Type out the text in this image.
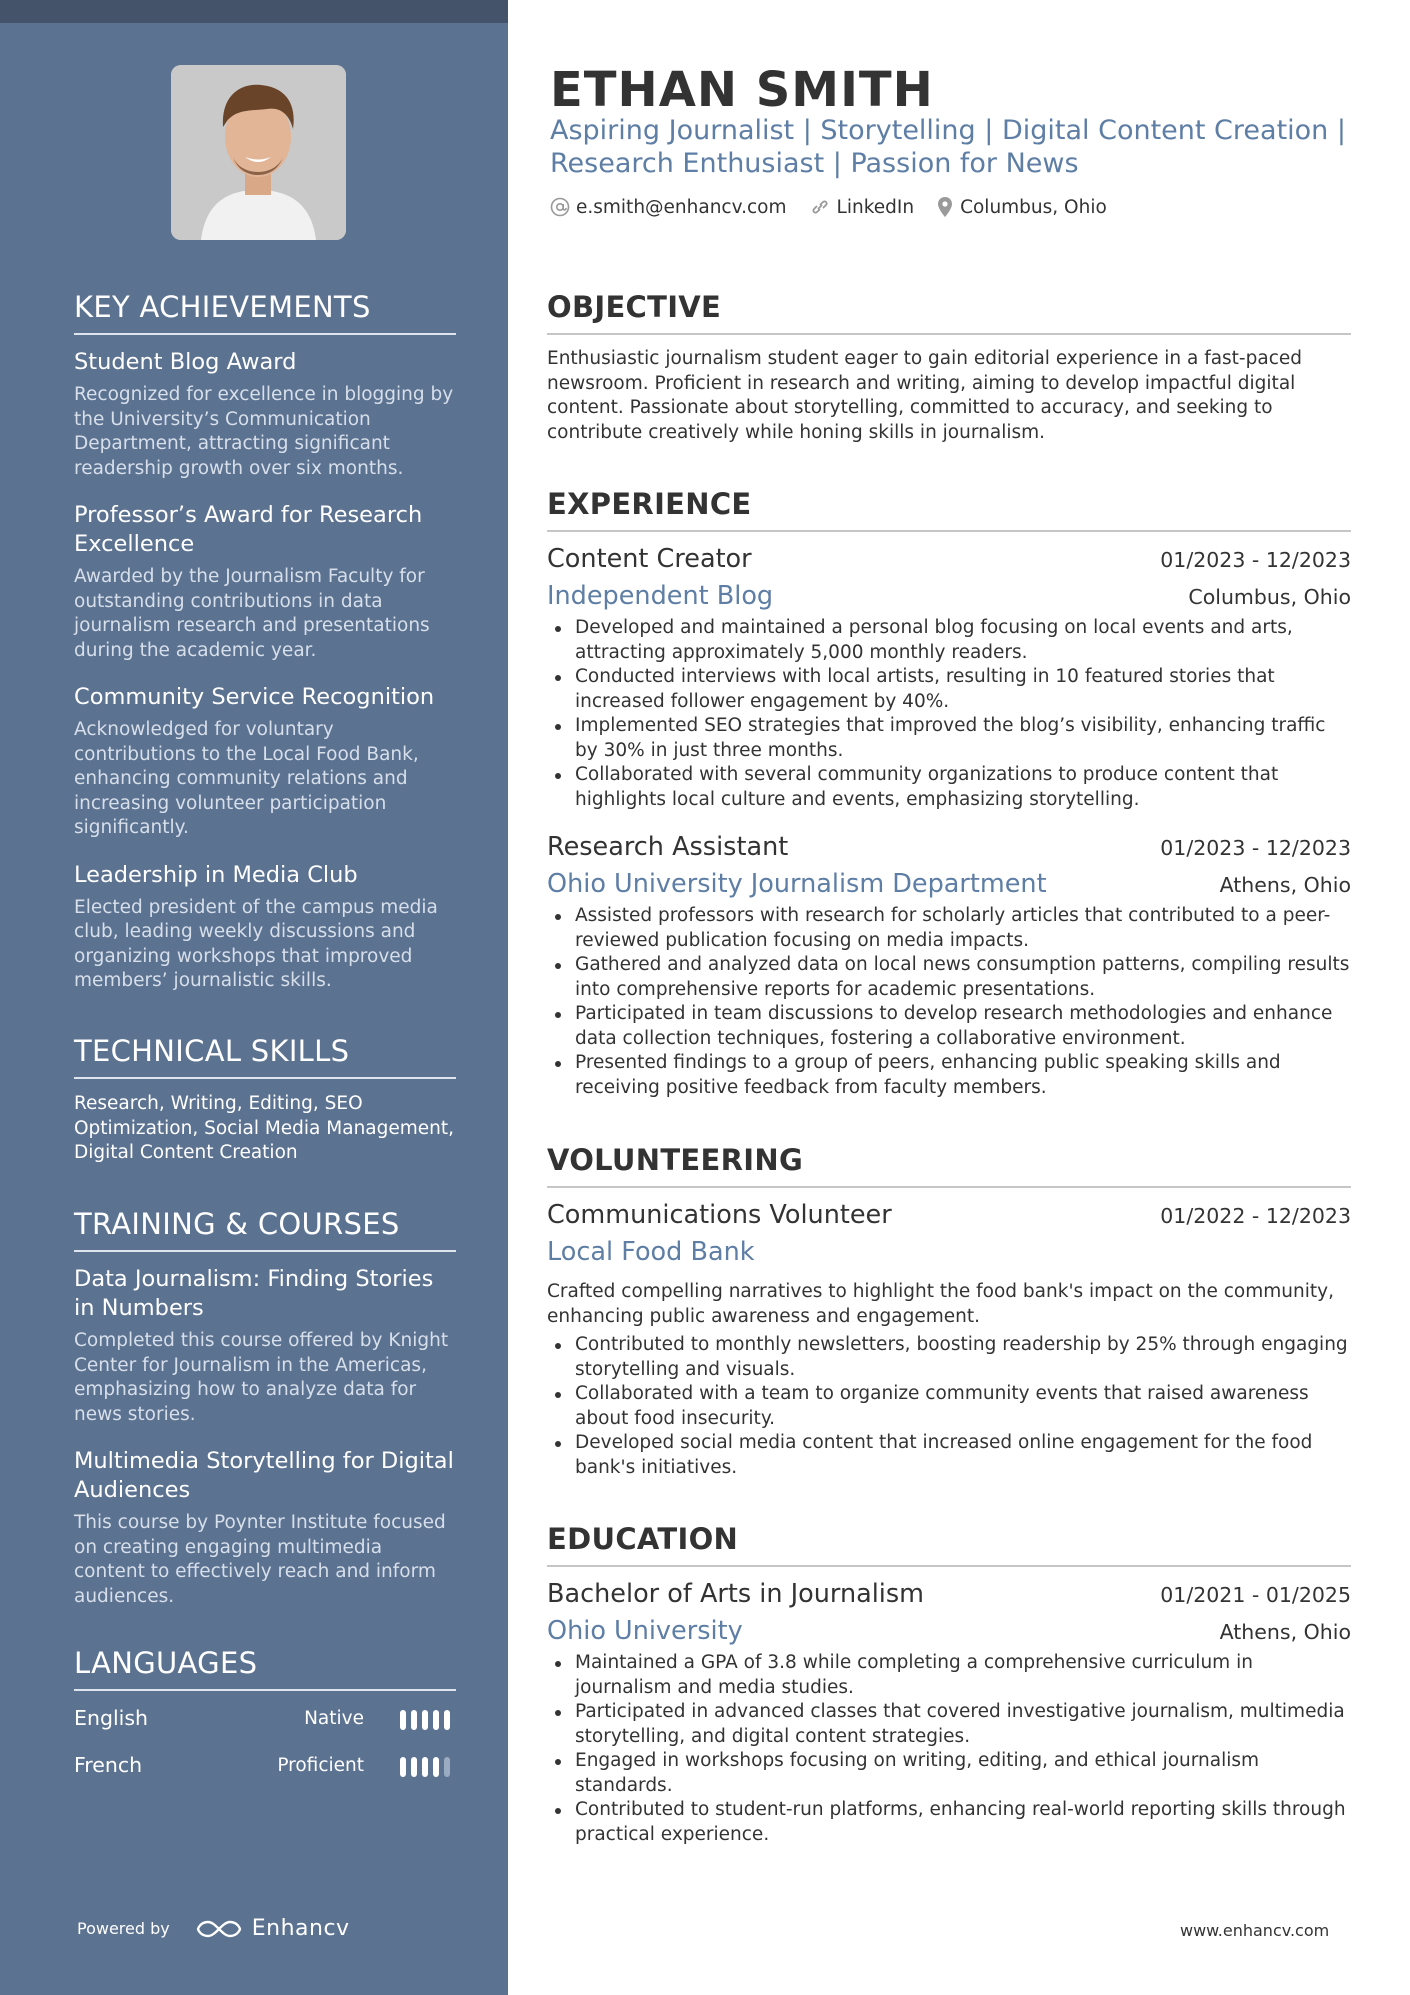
KEY ACHIEVEMENTS
Student Blog Award
Recognized for excellence in blogging by the University’s Communication Department, attracting significant readership growth over six months.
Professor’s Award for Research Excellence
Awarded by the Journalism Faculty for outstanding contributions in data journalism research and presentations during the academic year.
Community Service Recognition
Acknowledged for voluntary contributions to the Local Food Bank, enhancing community relations and increasing volunteer participation significantly.
Leadership in Media Club
Elected president of the campus media club, leading weekly discussions and organizing workshops that improved members’ journalistic skills.
TECHNICAL SKILLS
Research, Writing, Editing, SEO Optimization, Social Media Management, Digital Content Creation
TRAINING & COURSES
Data Journalism: Finding Stories in Numbers
Completed this course offered by Knight Center for Journalism in the Americas, emphasizing how to analyze data for news stories.
Multimedia Storytelling for Digital Audiences
This course by Poynter Institute focused on creating engaging multimedia content to effectively reach and inform audiences.
LANGUAGES
English	Native
French	Proficient
Powered by	Enhancv
ETHAN SMITH
Aspiring Journalist | Storytelling | Digital Content Creation | Research Enthusiast | Passion for News
e.smith@enhancv.com	LinkedIn Columbus, Ohio
OBJECTIVE

Enthusiastic journalism student eager to gain editorial experience in a fast-paced newsroom. Proficient in research and writing, aiming to develop impactful digital content. Passionate about storytelling, committed to accuracy, and seeking to contribute creatively while honing skills in journalism.

EXPERIENCE
Content Creator	01/2023 - 12/2023
Independent Blog	Columbus, Ohio
Developed and maintained a personal blog focusing on local events and arts, attracting approximately 5,000 monthly readers.
Conducted interviews with local artists, resulting in 10 featured stories that increased follower engagement by 40%.
Implemented SEO strategies that improved the blog’s visibility, enhancing traffic by 30% in just three months.
Collaborated with several community organizations to produce content that highlights local culture and events, emphasizing storytelling.
Research Assistant	01/2023 - 12/2023
Ohio University Journalism Department	Athens, Ohio
Assisted professors with research for scholarly articles that contributed to a peer-reviewed publication focusing on media impacts.
Gathered and analyzed data on local news consumption patterns, compiling results into comprehensive reports for academic presentations.
Participated in team discussions to develop research methodologies and enhance data collection techniques, fostering a collaborative environment.
Presented findings to a group of peers, enhancing public speaking skills and receiving positive feedback from faculty members.
VOLUNTEERING
Communications Volunteer	01/2022 - 12/2023
Local Food Bank

Crafted compelling narratives to highlight the food bank's impact on the community, enhancing public awareness and engagement.

Contributed to monthly newsletters, boosting readership by 25% through engaging storytelling and visuals.
Collaborated with a team to organize community events that raised awareness about food insecurity.
Developed social media content that increased online engagement for the food bank's initiatives.
EDUCATION
Bachelor of Arts in Journalism	01/2021 - 01/2025
Ohio University	Athens, Ohio
Maintained a GPA of 3.8 while completing a comprehensive curriculum in journalism and media studies.
Participated in advanced classes that covered investigative journalism, multimedia storytelling, and digital content strategies.
Engaged in workshops focusing on writing, editing, and ethical journalism standards.
Contributed to student-run platforms, enhancing real-world reporting skills through practical experience.
www.enhancv.com
